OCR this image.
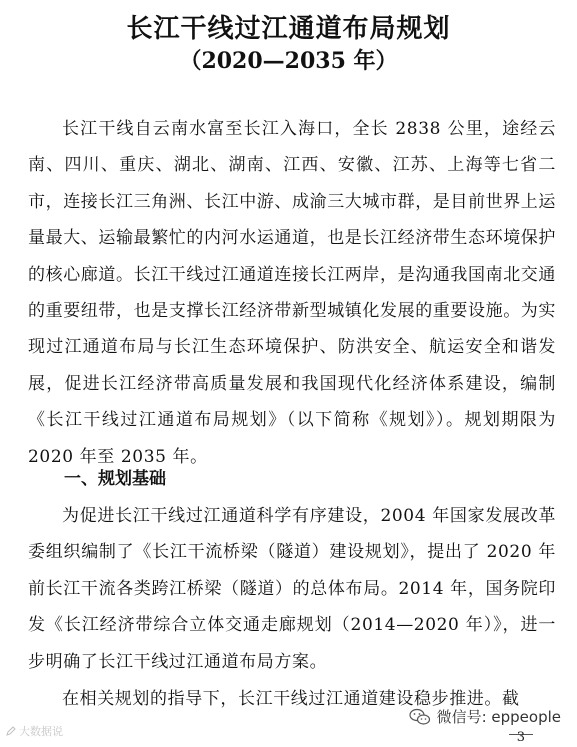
长江干线过江通道布局规划
（2020—2035 年）

长江干线自云南水富至长江入海口，全长 2838 公里，途经云南、四川、重庆、湖北、湖南、江西、安徽、江苏、上海等七省二市，连接长江三角洲、长江中游、成渝三大城市群，是目前世界上运量最大、运输最繁忙的内河水运通道，也是长江经济带生态环境保护的核心廊道。长江干线过江通道连接长江两岸，是沟通我国南北交通的重要纽带，也是支撑长江经济带新型城镇化发展的重要设施。为实现过江通道布局与长江生态环境保护、防洪安全、航运安全和谐发展，促进长江经济带高质量发展和我国现代化经济体系建设，编制《长江干线过江通道布局规划》（以下简称《规划》）。规划期限为 2020 年至 2035 年。

一、规划基础

为促进长江干线过江通道科学有序建设，2004 年国家发展改革委组织编制了《长江干流桥梁（隧道）建设规划》，提出了 2020 年前长江干流各类跨江桥梁（隧道）的总体布局。2014 年，国务院印发《长江经济带综合立体交通走廊规划（2014—2020 年）》，进一步明确了长江干线过江通道布局方案。

在相关规划的指导下，长江干线过江通道建设稳步推进。截

大数据说
微信号: eppeople
3
